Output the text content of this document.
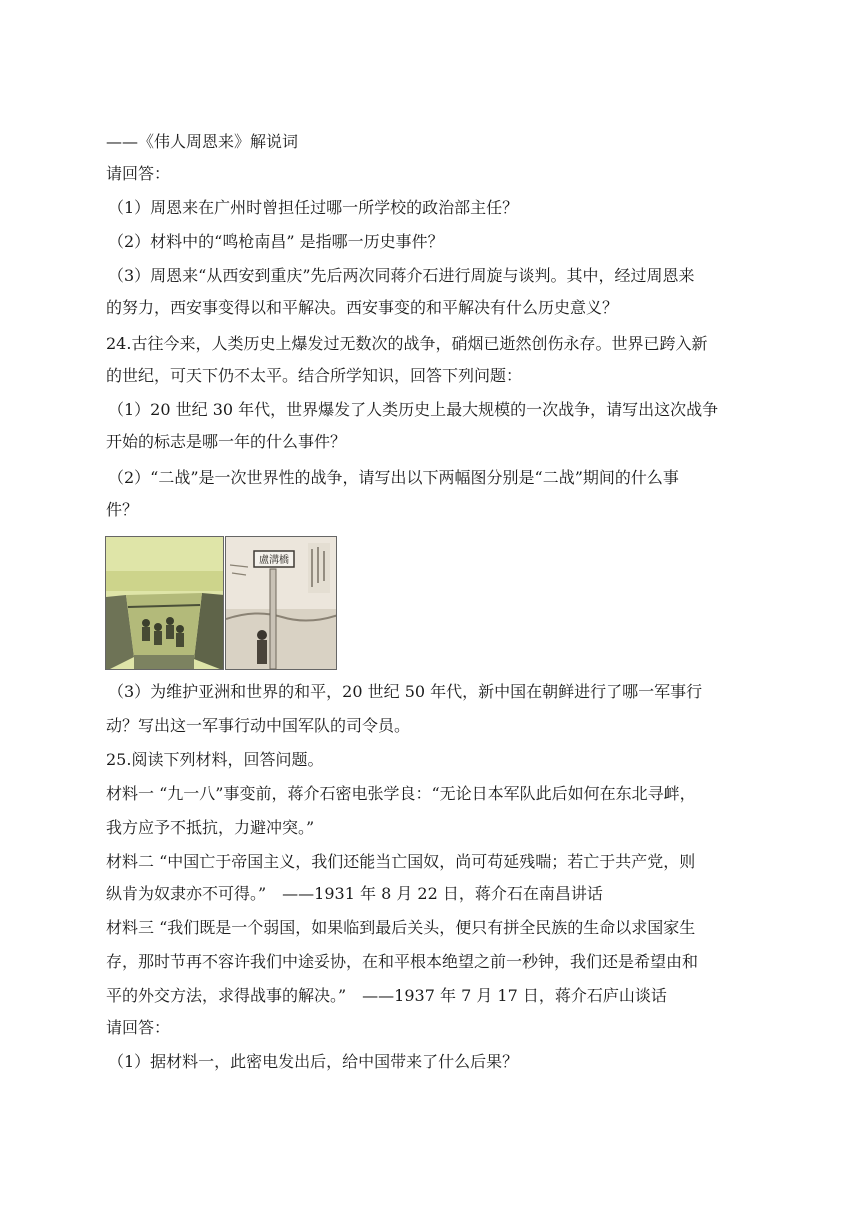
——《伟人周恩来》解说词
请回答：
（1）周恩来在广州时曾担任过哪一所学校的政治部主任？
（2）材料中的“鸣枪南昌” 是指哪一历史事件？
（3）周恩来“从西安到重庆”先后两次同蒋介石进行周旋与谈判。其中，经过周恩来
的努力，西安事变得以和平解决。西安事变的和平解决有什么历史意义？
24.古往今来，人类历史上爆发过无数次的战争，硝烟已逝然创伤永存。世界已跨入新
的世纪，可天下仍不太平。结合所学知识，回答下列问题：
（1）20 世纪 30 年代，世界爆发了人类历史上最大规模的一次战争，请写出这次战争
开始的标志是哪一年的什么事件？
（2）“二战”是一次世界性的战争，请写出以下两幅图分别是“二战”期间的什么事
件？
盧溝橋
（3）为维护亚洲和世界的和平，20 世纪 50 年代，新中国在朝鲜进行了哪一军事行
动？写出这一军事行动中国军队的司令员。
25.阅读下列材料，回答问题。
材料一 “九一八”事变前，蒋介石密电张学良：“无论日本军队此后如何在东北寻衅，
我方应予不抵抗，力避冲突。”
材料二 “中国亡于帝国主义，我们还能当亡国奴，尚可苟延残喘；若亡于共产党，则
纵肯为奴隶亦不可得。”　——1931 年 8 月 22 日，蒋介石在南昌讲话
材料三 “我们既是一个弱国，如果临到最后关头，便只有拼全民族的生命以求国家生
存，那时节再不容许我们中途妥协，在和平根本绝望之前一秒钟，我们还是希望由和
平的外交方法，求得战事的解决。”　——1937 年 7 月 17 日，蒋介石庐山谈话
请回答：
（1）据材料一，此密电发出后，给中国带来了什么后果？
